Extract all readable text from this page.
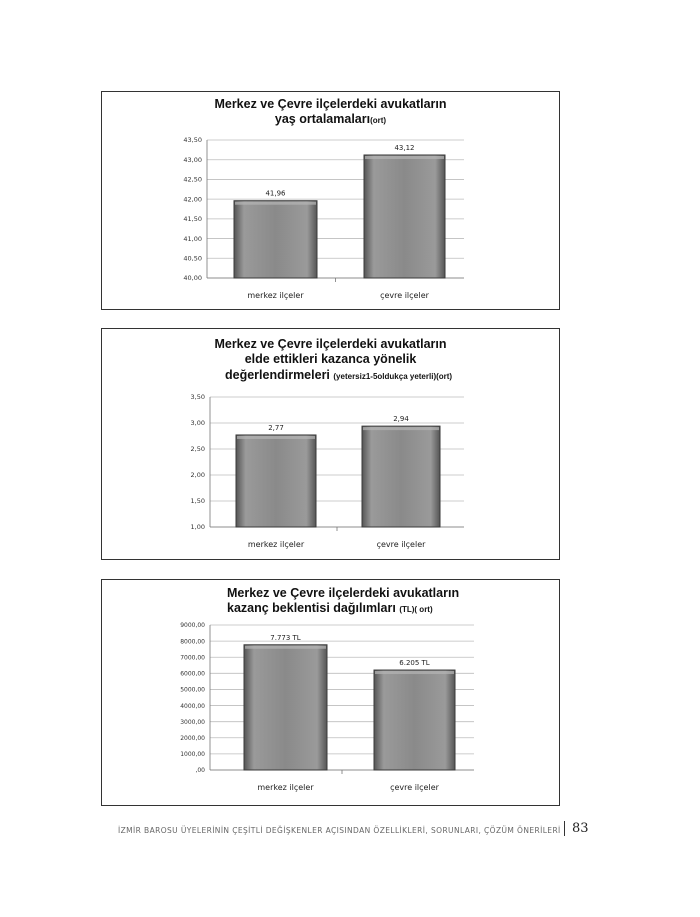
Merkez ve Çevre ilçelerdeki avukatların
yaş ortalamaları(ort)
40,00
40,50
41,00
41,50
42,00
42,50
43,00
43,50
41,96
merkez ilçeler
43,12
çevre ilçeler
Merkez ve Çevre ilçelerdeki avukatların
elde ettikleri kazanca yönelik
değerlendirmeleri (yetersiz1-5oldukça yeterli)(ort)
1,00
1,50
2,00
2,50
3,00
3,50
2,77
merkez ilçeler
2,94
çevre ilçeler
Merkez ve Çevre ilçelerdeki avukatların
kazanç beklentisi dağılımları (TL)( ort)
,00
1000,00
2000,00
3000,00
4000,00
5000,00
6000,00
7000,00
8000,00
9000,00
7.773 TL
merkez ilçeler
6.205 TL
çevre ilçeler
İZMİR BAROSU ÜYELERİNİN ÇEŞİTLİ DEĞİŞKENLER AÇISINDAN ÖZELLİKLERİ, SORUNLARI, ÇÖZÜM ÖNERİLERİ 83
